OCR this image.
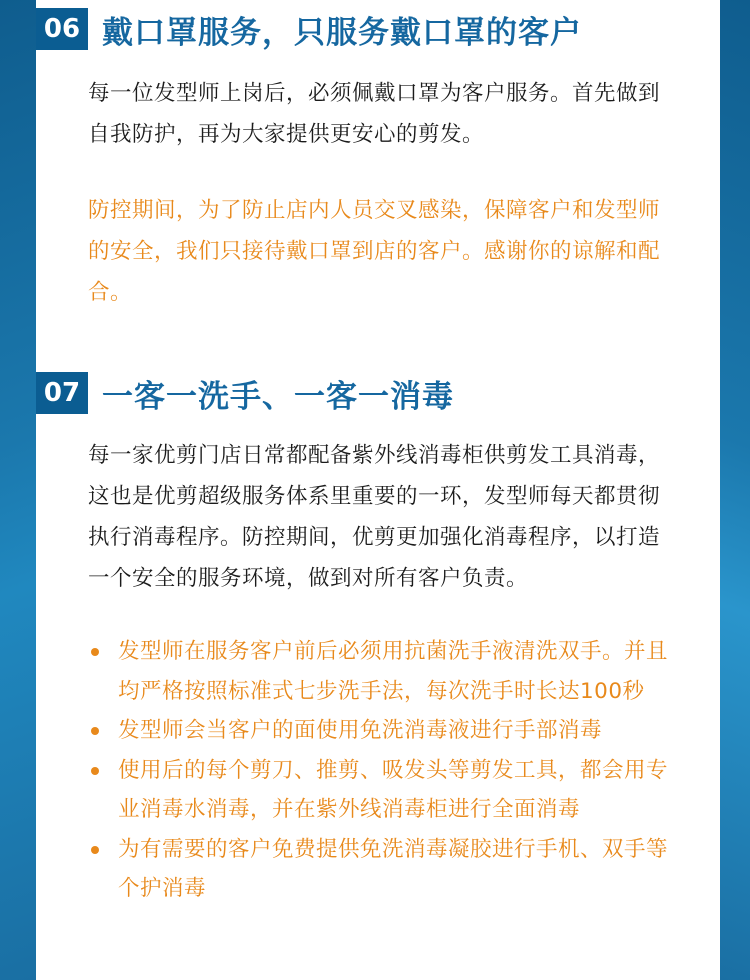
06 戴口罩服务，只服务戴口罩的客户
每一位发型师上岗后，必须佩戴口罩为客户服务。首先做到自我防护，再为大家提供更安心的剪发。
防控期间，为了防止店内人员交叉感染，保障客户和发型师的安全，我们只接待戴口罩到店的客户。感谢你的谅解和配合。
07 一客一洗手、一客一消毒
每一家优剪门店日常都配备紫外线消毒柜供剪发工具消毒，这也是优剪超级服务体系里重要的一环，发型师每天都贯彻执行消毒程序。防控期间，优剪更加强化消毒程序，以打造一个安全的服务环境，做到对所有客户负责。
发型师在服务客户前后必须用抗菌洗手液清洗双手。并且均严格按照标准式七步洗手法，每次洗手时长达100秒
发型师会当客户的面使用免洗消毒液进行手部消毒
使用后的每个剪刀、推剪、吸发头等剪发工具，都会用专业消毒水消毒，并在紫外线消毒柜进行全面消毒
为有需要的客户免费提供免洗消毒凝胶进行手机、双手等个护消毒
